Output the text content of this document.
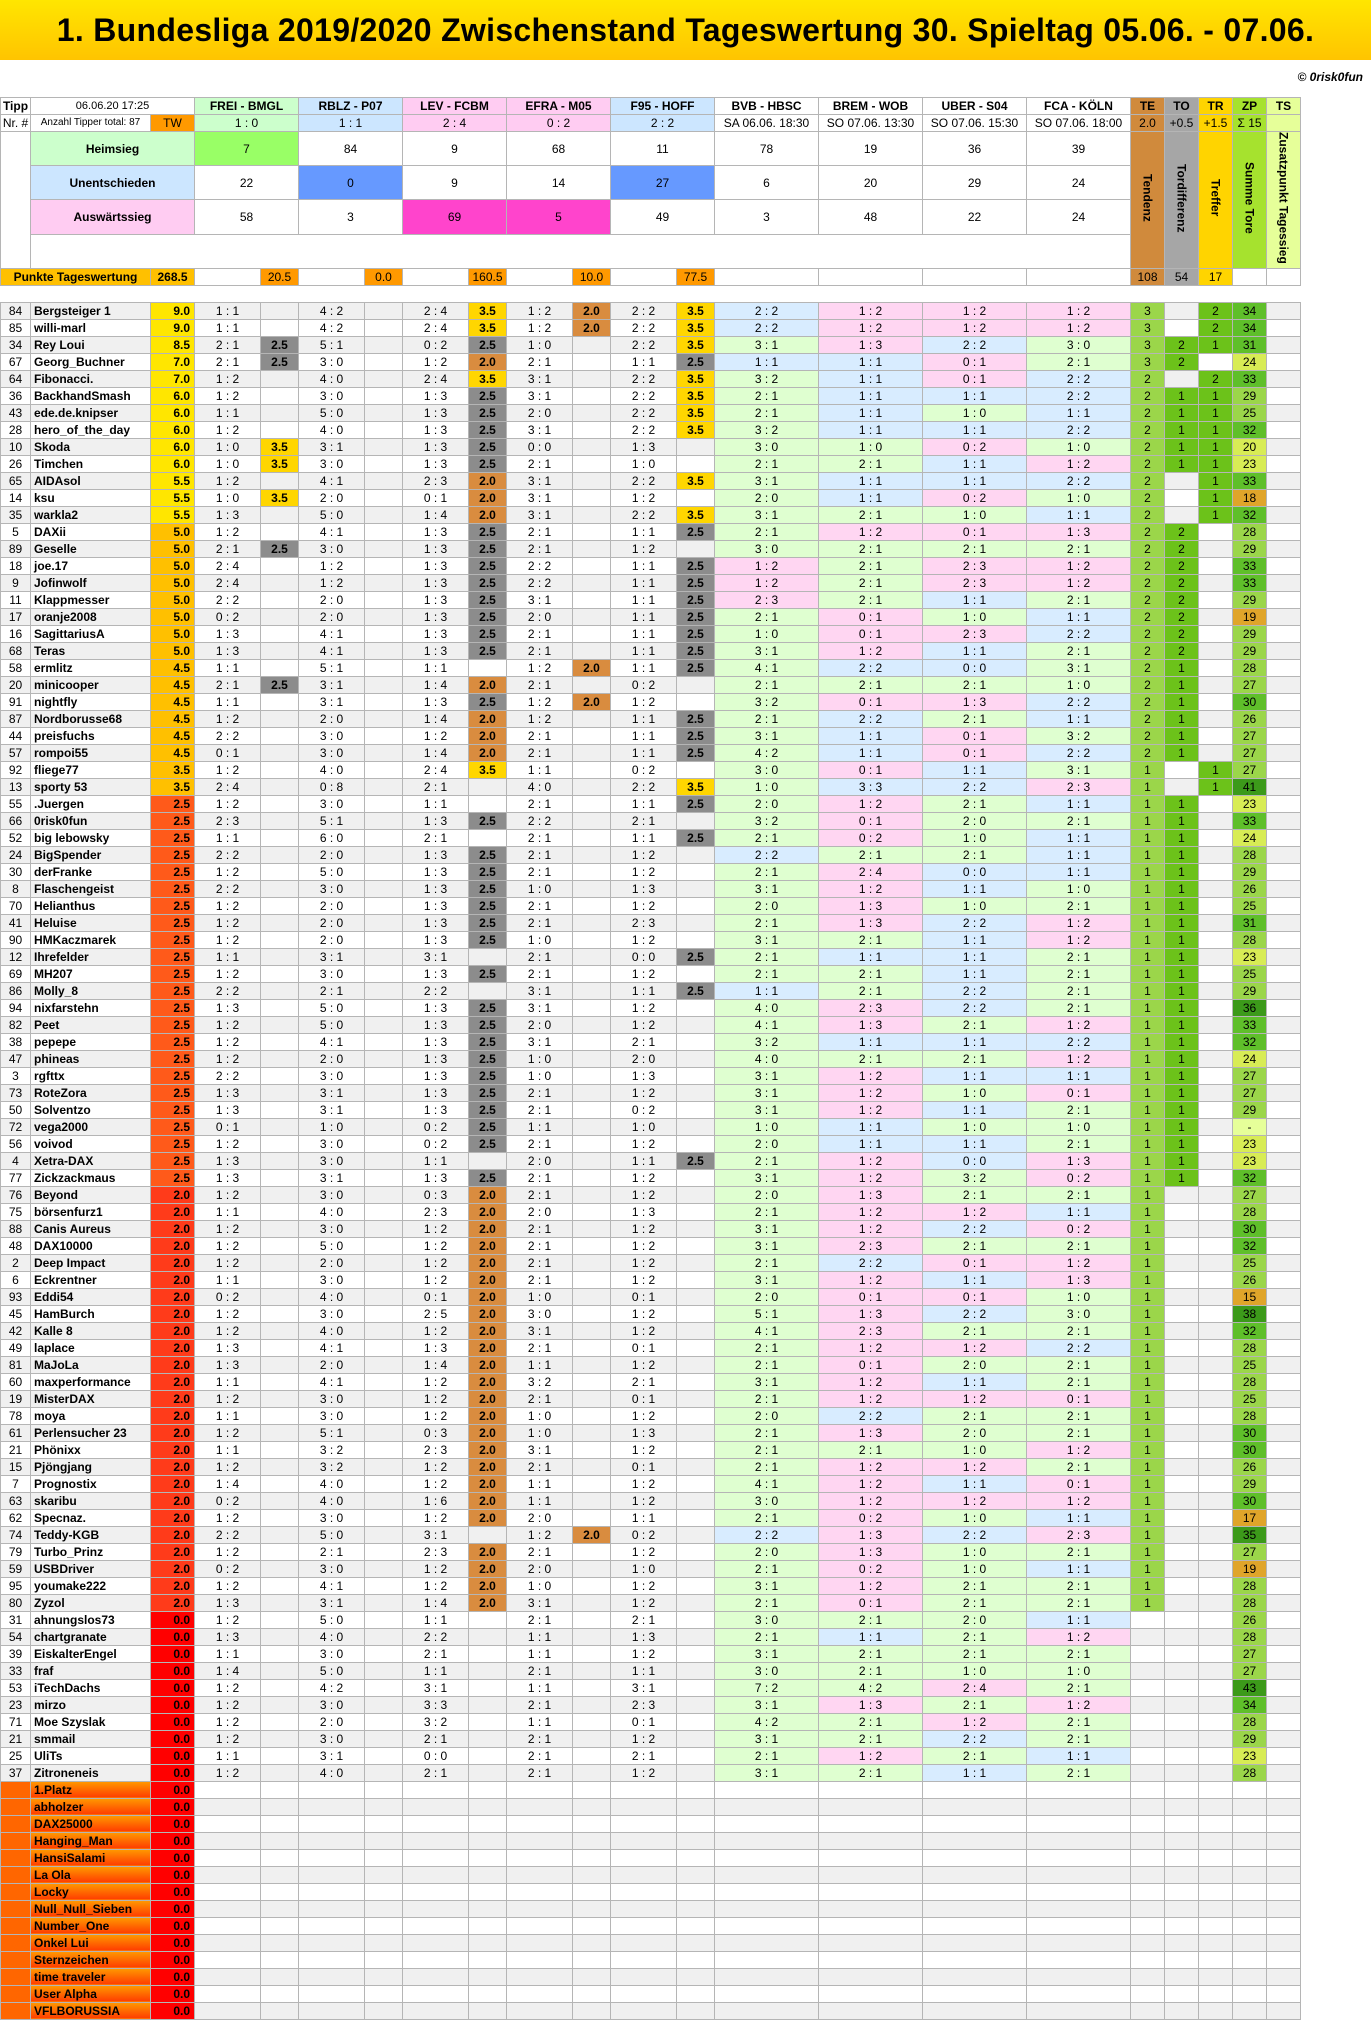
1. Bundesliga 2019/2020 Zwischenstand Tageswertung 30. Spieltag 05.06. - 07.06.
© 0risk0fun
Tipp	06.06.20 17:25		FREI - BMGL		RBLZ - P07		LEV - FCBM		EFRA - M05		F95 - HOFF		BVB - HBSC	BREM - WOB	UBER - S04	FCA - KÖLN	TE	TO	TR	ZP	TS
Nr. #	Anzahl Tipper total: 87	TW	1 : 0		1 : 1		2 : 4		0 : 2		2 : 2		SA 06.06. 18:30	SO 07.06. 13:30	SO 07.06. 15:30	SO 07.06. 18:00	2.0	+0.5	+1.5	Σ 15	
	Heimsieg		7		84		9		68		11		78	19	36	39	Tendenz	Tordifferenz	Treffer	Summe Tore	Zusatzpunkt Tagessieg
	Unentschieden		22		0		9		14		27		6	20	29	24					
	Auswärtssieg		58		3		69		5		49		3	48	22	24					

Punkte Tageswertung		268.5		20.5		0.0		160.5		10.0		77.5					108	54	17		

84	Bergsteiger 1	9.0	1 : 1		4 : 2		2 : 4	3.5	1 : 2	2.0	2 : 2	3.5	2 : 2	1 : 2	1 : 2	1 : 2	3		2	34	
85	willi-marl	9.0	1 : 1		4 : 2		2 : 4	3.5	1 : 2	2.0	2 : 2	3.5	2 : 2	1 : 2	1 : 2	1 : 2	3		2	34	
34	Rey Loui	8.5	2 : 1	2.5	5 : 1		0 : 2	2.5	1 : 0		2 : 2	3.5	3 : 1	1 : 3	2 : 2	3 : 0	3	2	1	31	
67	Georg_Buchner	7.0	2 : 1	2.5	3 : 0		1 : 2	2.0	2 : 1		1 : 1	2.5	1 : 1	1 : 1	0 : 1	2 : 1	3	2		24	
64	Fibonacci.	7.0	1 : 2		4 : 0		2 : 4	3.5	3 : 1		2 : 2	3.5	3 : 2	1 : 1	0 : 1	2 : 2	2		2	33	
36	BackhandSmash	6.0	1 : 2		3 : 0		1 : 3	2.5	3 : 1		2 : 2	3.5	2 : 1	1 : 1	1 : 1	2 : 2	2	1	1	29	
43	ede.de.knipser	6.0	1 : 1		5 : 0		1 : 3	2.5	2 : 0		2 : 2	3.5	2 : 1	1 : 1	1 : 0	1 : 1	2	1	1	25	
28	hero_of_the_day	6.0	1 : 2		4 : 0		1 : 3	2.5	3 : 1		2 : 2	3.5	3 : 2	1 : 1	1 : 1	2 : 2	2	1	1	32	
10	Skoda	6.0	1 : 0	3.5	3 : 1		1 : 3	2.5	0 : 0		1 : 3		3 : 0	1 : 0	0 : 2	1 : 0	2	1	1	20	
26	Timchen	6.0	1 : 0	3.5	3 : 0		1 : 3	2.5	2 : 1		1 : 0		2 : 1	2 : 1	1 : 1	1 : 2	2	1	1	23	
65	AIDAsol	5.5	1 : 2		4 : 1		2 : 3	2.0	3 : 1		2 : 2	3.5	3 : 1	1 : 1	1 : 1	2 : 2	2		1	33	
14	ksu	5.5	1 : 0	3.5	2 : 0		0 : 1	2.0	3 : 1		1 : 2		2 : 0	1 : 1	0 : 2	1 : 0	2		1	18	
35	warkla2	5.5	1 : 3		5 : 0		1 : 4	2.0	3 : 1		2 : 2	3.5	3 : 1	2 : 1	1 : 0	1 : 1	2		1	32	
5	DAXii	5.0	1 : 2		4 : 1		1 : 3	2.5	2 : 1		1 : 1	2.5	2 : 1	1 : 2	0 : 1	1 : 3	2	2		28	
89	Geselle	5.0	2 : 1	2.5	3 : 0		1 : 3	2.5	2 : 1		1 : 2		3 : 0	2 : 1	2 : 1	2 : 1	2	2		29	
18	joe.17	5.0	2 : 4		1 : 2		1 : 3	2.5	2 : 2		1 : 1	2.5	1 : 2	2 : 1	2 : 3	1 : 2	2	2		33	
9	Jofinwolf	5.0	2 : 4		1 : 2		1 : 3	2.5	2 : 2		1 : 1	2.5	1 : 2	2 : 1	2 : 3	1 : 2	2	2		33	
11	Klappmesser	5.0	2 : 2		2 : 0		1 : 3	2.5	3 : 1		1 : 1	2.5	2 : 3	2 : 1	1 : 1	2 : 1	2	2		29	
17	oranje2008	5.0	0 : 2		2 : 0		1 : 3	2.5	2 : 0		1 : 1	2.5	2 : 1	0 : 1	1 : 0	1 : 1	2	2		19	
16	SagittariusA	5.0	1 : 3		4 : 1		1 : 3	2.5	2 : 1		1 : 1	2.5	1 : 0	0 : 1	2 : 3	2 : 2	2	2		29	
68	Teras	5.0	1 : 3		4 : 1		1 : 3	2.5	2 : 1		1 : 1	2.5	3 : 1	1 : 2	1 : 1	2 : 1	2	2		29	
58	ermlitz	4.5	1 : 1		5 : 1		1 : 1		1 : 2	2.0	1 : 1	2.5	4 : 1	2 : 2	0 : 0	3 : 1	2	1		28	
20	minicooper	4.5	2 : 1	2.5	3 : 1		1 : 4	2.0	2 : 1		0 : 2		2 : 1	2 : 1	2 : 1	1 : 0	2	1		27	
91	nightfly	4.5	1 : 1		3 : 1		1 : 3	2.5	1 : 2	2.0	1 : 2		3 : 2	0 : 1	1 : 3	2 : 2	2	1		30	
87	Nordborusse68	4.5	1 : 2		2 : 0		1 : 4	2.0	1 : 2		1 : 1	2.5	2 : 1	2 : 2	2 : 1	1 : 1	2	1		26	
44	preisfuchs	4.5	2 : 2		3 : 0		1 : 2	2.0	2 : 1		1 : 1	2.5	3 : 1	1 : 1	0 : 1	3 : 2	2	1		27	
57	rompoi55	4.5	0 : 1		3 : 0		1 : 4	2.0	2 : 1		1 : 1	2.5	4 : 2	1 : 1	0 : 1	2 : 2	2	1		27	
92	fliege77	3.5	1 : 2		4 : 0		2 : 4	3.5	1 : 1		0 : 2		3 : 0	0 : 1	1 : 1	3 : 1	1		1	27	
13	sporty 53	3.5	2 : 4		0 : 8		2 : 1		4 : 0		2 : 2	3.5	1 : 0	3 : 3	2 : 2	2 : 3	1		1	41	
55	.Juergen	2.5	1 : 2		3 : 0		1 : 1		2 : 1		1 : 1	2.5	2 : 0	1 : 2	2 : 1	1 : 1	1	1		23	
66	0risk0fun	2.5	2 : 3		5 : 1		1 : 3	2.5	2 : 2		2 : 1		3 : 2	0 : 1	2 : 0	2 : 1	1	1		33	
52	big lebowsky	2.5	1 : 1		6 : 0		2 : 1		2 : 1		1 : 1	2.5	2 : 1	0 : 2	1 : 0	1 : 1	1	1		24	
24	BigSpender	2.5	2 : 2		2 : 0		1 : 3	2.5	2 : 1		1 : 2		2 : 2	2 : 1	2 : 1	1 : 1	1	1		28	
30	derFranke	2.5	1 : 2		5 : 0		1 : 3	2.5	2 : 1		1 : 2		2 : 1	2 : 4	0 : 0	1 : 1	1	1		29	
8	Flaschengeist	2.5	2 : 2		3 : 0		1 : 3	2.5	1 : 0		1 : 3		3 : 1	1 : 2	1 : 1	1 : 0	1	1		26	
70	Helianthus	2.5	1 : 2		2 : 0		1 : 3	2.5	2 : 1		1 : 2		2 : 0	1 : 3	1 : 0	2 : 1	1	1		25	
41	Heluise	2.5	1 : 2		2 : 0		1 : 3	2.5	2 : 1		2 : 3		2 : 1	1 : 3	2 : 2	1 : 2	1	1		31	
90	HMKaczmarek	2.5	1 : 2		2 : 0		1 : 3	2.5	1 : 0		1 : 2		3 : 1	2 : 1	1 : 1	1 : 2	1	1		28	
12	Ihrefelder	2.5	1 : 1		3 : 1		3 : 1		2 : 1		0 : 0	2.5	2 : 1	1 : 1	1 : 1	2 : 1	1	1		23	
69	MH207	2.5	1 : 2		3 : 0		1 : 3	2.5	2 : 1		1 : 2		2 : 1	2 : 1	1 : 1	2 : 1	1	1		25	
86	Molly_8	2.5	2 : 2		2 : 1		2 : 2		3 : 1		1 : 1	2.5	1 : 1	2 : 1	2 : 2	2 : 1	1	1		29	
94	nixfarstehn	2.5	1 : 3		5 : 0		1 : 3	2.5	3 : 1		1 : 2		4 : 0	2 : 3	2 : 2	2 : 1	1	1		36	
82	Peet	2.5	1 : 2		5 : 0		1 : 3	2.5	2 : 0		1 : 2		4 : 1	1 : 3	2 : 1	1 : 2	1	1		33	
38	pepepe	2.5	1 : 2		4 : 1		1 : 3	2.5	3 : 1		2 : 1		3 : 2	1 : 1	1 : 1	2 : 2	1	1		32	
47	phineas	2.5	1 : 2		2 : 0		1 : 3	2.5	1 : 0		2 : 0		4 : 0	2 : 1	2 : 1	1 : 2	1	1		24	
3	rgfttx	2.5	2 : 2		3 : 0		1 : 3	2.5	1 : 0		1 : 3		3 : 1	1 : 2	1 : 1	1 : 1	1	1		27	
73	RoteZora	2.5	1 : 3		3 : 1		1 : 3	2.5	2 : 1		1 : 2		3 : 1	1 : 2	1 : 0	0 : 1	1	1		27	
50	Solventzo	2.5	1 : 3		3 : 1		1 : 3	2.5	2 : 1		0 : 2		3 : 1	1 : 2	1 : 1	2 : 1	1	1		29	
72	vega2000	2.5	0 : 1		1 : 0		0 : 2	2.5	1 : 1		1 : 0		1 : 0	1 : 1	1 : 0	1 : 0	1	1		-	
56	voivod	2.5	1 : 2		3 : 0		0 : 2	2.5	2 : 1		1 : 2		2 : 0	1 : 1	1 : 1	2 : 1	1	1		23	
4	Xetra-DAX	2.5	1 : 3		3 : 0		1 : 1		2 : 0		1 : 1	2.5	2 : 1	1 : 2	0 : 0	1 : 3	1	1		23	
77	Zickzackmaus	2.5	1 : 3		3 : 1		1 : 3	2.5	2 : 1		1 : 2		3 : 1	1 : 2	3 : 2	0 : 2	1	1		32	
76	Beyond	2.0	1 : 2		3 : 0		0 : 3	2.0	2 : 1		1 : 2		2 : 0	1 : 3	2 : 1	2 : 1	1			27	
75	börsenfurz1	2.0	1 : 1		4 : 0		2 : 3	2.0	2 : 0		1 : 3		2 : 1	1 : 2	1 : 2	1 : 1	1			28	
88	Canis Aureus	2.0	1 : 2		3 : 0		1 : 2	2.0	2 : 1		1 : 2		3 : 1	1 : 2	2 : 2	0 : 2	1			30	
48	DAX10000	2.0	1 : 2		5 : 0		1 : 2	2.0	2 : 1		1 : 2		3 : 1	2 : 3	2 : 1	2 : 1	1			32	
2	Deep Impact	2.0	1 : 2		2 : 0		1 : 2	2.0	2 : 1		1 : 2		2 : 1	2 : 2	0 : 1	1 : 2	1			25	
6	Eckrentner	2.0	1 : 1		3 : 0		1 : 2	2.0	2 : 1		1 : 2		3 : 1	1 : 2	1 : 1	1 : 3	1			26	
93	Eddi54	2.0	0 : 2		4 : 0		0 : 1	2.0	1 : 0		0 : 1		2 : 0	0 : 1	0 : 1	1 : 0	1			15	
45	HamBurch	2.0	1 : 2		3 : 0		2 : 5	2.0	3 : 0		1 : 2		5 : 1	1 : 3	2 : 2	3 : 0	1			38	
42	Kalle 8	2.0	1 : 2		4 : 0		1 : 2	2.0	3 : 1		1 : 2		4 : 1	2 : 3	2 : 1	2 : 1	1			32	
49	laplace	2.0	1 : 3		4 : 1		1 : 3	2.0	2 : 1		0 : 1		2 : 1	1 : 2	1 : 2	2 : 2	1			28	
81	MaJoLa	2.0	1 : 3		2 : 0		1 : 4	2.0	1 : 1		1 : 2		2 : 1	0 : 1	2 : 0	2 : 1	1			25	
60	maxperformance	2.0	1 : 1		4 : 1		1 : 2	2.0	3 : 2		2 : 1		3 : 1	1 : 2	1 : 1	2 : 1	1			28	
19	MisterDAX	2.0	1 : 2		3 : 0		1 : 2	2.0	2 : 1		0 : 1		2 : 1	1 : 2	1 : 2	0 : 1	1			25	
78	moya	2.0	1 : 1		3 : 0		1 : 2	2.0	1 : 0		1 : 2		2 : 0	2 : 2	2 : 1	2 : 1	1			28	
61	Perlensucher 23	2.0	1 : 2		5 : 1		0 : 3	2.0	1 : 0		1 : 3		2 : 1	1 : 3	2 : 0	2 : 1	1			30	
21	Phönixx	2.0	1 : 1		3 : 2		2 : 3	2.0	3 : 1		1 : 2		2 : 1	2 : 1	1 : 0	1 : 2	1			30	
15	Pjöngjang	2.0	1 : 2		3 : 2		1 : 2	2.0	2 : 1		0 : 1		2 : 1	1 : 2	1 : 2	2 : 1	1			26	
7	Prognostix	2.0	1 : 4		4 : 0		1 : 2	2.0	1 : 1		1 : 2		4 : 1	1 : 2	1 : 1	0 : 1	1			29	
63	skaribu	2.0	0 : 2		4 : 0		1 : 6	2.0	1 : 1		1 : 2		3 : 0	1 : 2	1 : 2	1 : 2	1			30	
62	Specnaz.	2.0	1 : 2		3 : 0		1 : 2	2.0	2 : 0		1 : 1		2 : 1	0 : 2	1 : 0	1 : 1	1			17	
74	Teddy-KGB	2.0	2 : 2		5 : 0		3 : 1		1 : 2	2.0	0 : 2		2 : 2	1 : 3	2 : 2	2 : 3	1			35	
79	Turbo_Prinz	2.0	1 : 2		2 : 1		2 : 3	2.0	2 : 1		1 : 2		2 : 0	1 : 3	1 : 0	2 : 1	1			27	
59	USBDriver	2.0	0 : 2		3 : 0		1 : 2	2.0	2 : 0		1 : 0		2 : 1	0 : 2	1 : 0	1 : 1	1			19	
95	youmake222	2.0	1 : 2		4 : 1		1 : 2	2.0	1 : 0		1 : 2		3 : 1	1 : 2	2 : 1	2 : 1	1			28	
80	Zyzol	2.0	1 : 3		3 : 1		1 : 4	2.0	3 : 1		1 : 2		2 : 1	0 : 1	2 : 1	2 : 1	1			28	
31	ahnungslos73	0.0	1 : 2		5 : 0		1 : 1		2 : 1		2 : 1		3 : 0	2 : 1	2 : 0	1 : 1				26	
54	chartgranate	0.0	1 : 3		4 : 0		2 : 2		1 : 1		1 : 3		2 : 1	1 : 1	2 : 1	1 : 2				28	
39	EiskalterEngel	0.0	1 : 1		3 : 0		2 : 1		1 : 1		1 : 2		3 : 1	2 : 1	2 : 1	2 : 1				27	
33	fraf	0.0	1 : 4		5 : 0		1 : 1		2 : 1		1 : 1		3 : 0	2 : 1	1 : 0	1 : 0				27	
53	iTechDachs	0.0	1 : 2		4 : 2		3 : 1		1 : 1		3 : 1		7 : 2	4 : 2	2 : 4	2 : 1				43	
23	mirzo	0.0	1 : 2		3 : 0		3 : 3		2 : 1		2 : 3		3 : 1	1 : 3	2 : 1	1 : 2				34	
71	Moe Szyslak	0.0	1 : 2		2 : 0		3 : 2		1 : 1		0 : 1		4 : 2	2 : 1	1 : 2	2 : 1				28	
21	smmail	0.0	1 : 2		3 : 0		2 : 1		2 : 1		1 : 2		3 : 1	2 : 1	2 : 2	2 : 1				29	
25	UliTs	0.0	1 : 1		3 : 1		0 : 0		2 : 1		2 : 1		2 : 1	1 : 2	2 : 1	1 : 1				23	
37	Zitroneneis	0.0	1 : 2		4 : 0		2 : 1		2 : 1		1 : 2		3 : 1	2 : 1	1 : 1	2 : 1				28	
	1.Platz	0.0																			
	abholzer	0.0																			
	DAX25000	0.0																			
	Hanging_Man	0.0																			
	HansiSalami	0.0																			
	La Ola	0.0																			
	Locky	0.0																			
	Null_Null_Sieben	0.0																			
	Number_One	0.0																			
	Onkel Lui	0.0																			
	Sternzeichen	0.0																			
	time traveler	0.0																			
	User Alpha	0.0																			
	VFLBORUSSIA	0.0																			
